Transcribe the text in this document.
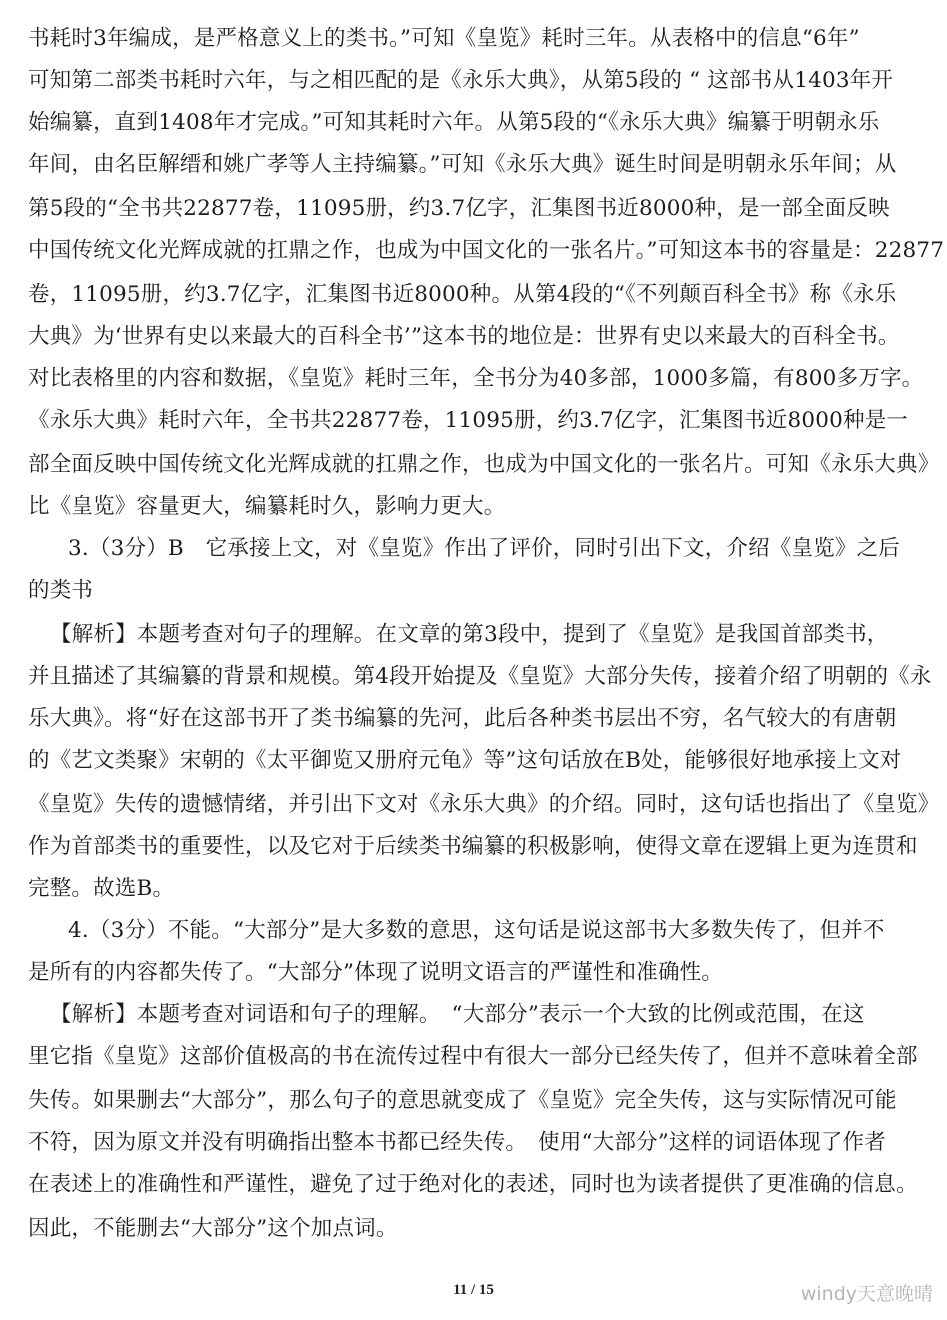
书耗时3年编成，是严格意义上的类书。”可知《皇览》耗时三年。从表格中的信息“6年”
可知第二部类书耗时六年，与之相匹配的是《永乐大典》，从第5段的 “ 这部书从1403年开
始编纂，直到1408年才完成。”可知其耗时六年。从第5段的“《永乐大典》编纂于明朝永乐
年间，由名臣解缙和姚广孝等人主持编纂。”可知《永乐大典》诞生时间是明朝永乐年间；从
第5段的“全书共22877卷，11095册，约3.7亿字，汇集图书近8000种，是一部全面反映
中国传统文化光辉成就的扛鼎之作，也成为中国文化的一张名片。”可知这本书的容量是：22877
卷，11095册，约3.7亿字，汇集图书近8000种。从第4段的“《不列颠百科全书》称《永乐
大典》为‘世界有史以来最大的百科全书’”这本书的地位是：世界有史以来最大的百科全书。
对比表格里的内容和数据，《皇览》耗时三年，全书分为40多部，1000多篇，有800多万字。
《永乐大典》耗时六年，全书共22877卷，11095册，约3.7亿字，汇集图书近8000种是一
部全面反映中国传统文化光辉成就的扛鼎之作，也成为中国文化的一张名片。可知《永乐大典》
比《皇览》容量更大，编纂耗时久，影响力更大。
3.（3分）B　它承接上文，对《皇览》作出了评价，同时引出下文，介绍《皇览》之后
的类书
【解析】本题考查对句子的理解。在文章的第3段中，提到了《皇览》是我国首部类书，
并且描述了其编纂的背景和规模。第4段开始提及《皇览》大部分失传，接着介绍了明朝的《永
乐大典》。将“好在这部书开了类书编纂的先河，此后各种类书层出不穷，名气较大的有唐朝
的《艺文类聚》宋朝的《太平御览又册府元龟》等”这句话放在B处，能够很好地承接上文对
《皇览》失传的遗憾情绪，并引出下文对《永乐大典》的介绍。同时，这句话也指出了《皇览》
作为首部类书的重要性，以及它对于后续类书编纂的积极影响，使得文章在逻辑上更为连贯和
完整。故选B。
4.（3分）不能。“大部分”是大多数的意思，这句话是说这部书大多数失传了，但并不
是所有的内容都失传了。“大部分”体现了说明文语言的严谨性和准确性。
【解析】本题考查对词语和句子的理解。　“大部分”表示一个大致的比例或范围，在这
里它指《皇览》这部价值极高的书在流传过程中有很大一部分已经失传了，但并不意味着全部
失传。如果删去“大部分”，那么句子的意思就变成了《皇览》完全失传，这与实际情况可能
不符，因为原文并没有明确指出整本书都已经失传。　使用“大部分”这样的词语体现了作者
在表述上的准确性和严谨性，避免了过于绝对化的表述，同时也为读者提供了更准确的信息。
因此，不能删去“大部分”这个加点词。
11 / 15	windy天意晚晴
